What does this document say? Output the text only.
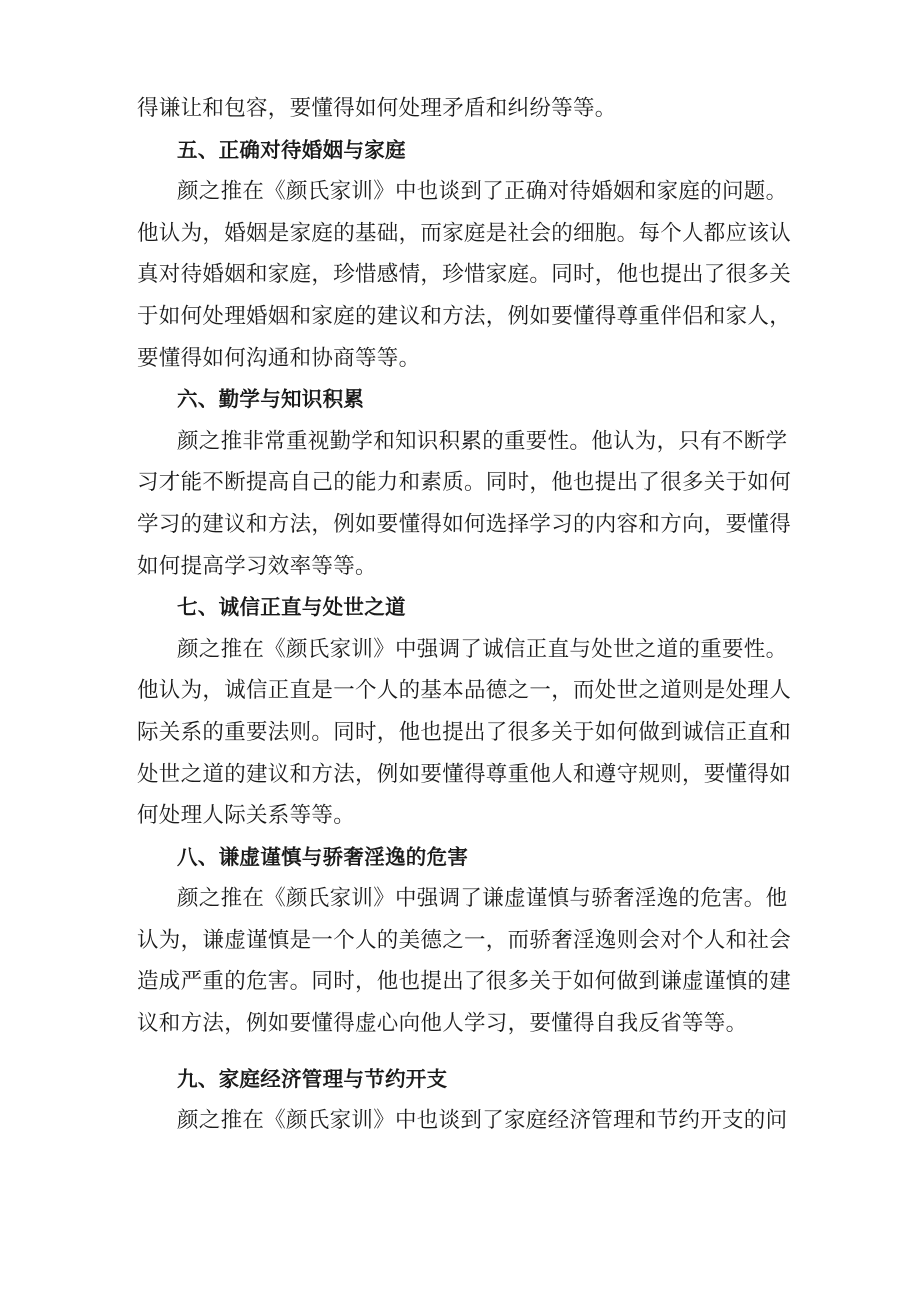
得谦让和包容，要懂得如何处理矛盾和纠纷等等。
五、正确对待婚姻与家庭
颜之推在《颜氏家训》中也谈到了正确对待婚姻和家庭的问题。
他认为，婚姻是家庭的基础，而家庭是社会的细胞。每个人都应该认
真对待婚姻和家庭，珍惜感情，珍惜家庭。同时，他也提出了很多关
于如何处理婚姻和家庭的建议和方法，例如要懂得尊重伴侣和家人，
要懂得如何沟通和协商等等。
六、勤学与知识积累
颜之推非常重视勤学和知识积累的重要性。他认为，只有不断学
习才能不断提高自己的能力和素质。同时，他也提出了很多关于如何
学习的建议和方法，例如要懂得如何选择学习的内容和方向，要懂得
如何提高学习效率等等。
七、诚信正直与处世之道
颜之推在《颜氏家训》中强调了诚信正直与处世之道的重要性。
他认为，诚信正直是一个人的基本品德之一，而处世之道则是处理人
际关系的重要法则。同时，他也提出了很多关于如何做到诚信正直和
处世之道的建议和方法，例如要懂得尊重他人和遵守规则，要懂得如
何处理人际关系等等。
八、谦虚谨慎与骄奢淫逸的危害
颜之推在《颜氏家训》中强调了谦虚谨慎与骄奢淫逸的危害。他
认为，谦虚谨慎是一个人的美德之一，而骄奢淫逸则会对个人和社会
造成严重的危害。同时，他也提出了很多关于如何做到谦虚谨慎的建
议和方法，例如要懂得虚心向他人学习，要懂得自我反省等等。
九、家庭经济管理与节约开支
颜之推在《颜氏家训》中也谈到了家庭经济管理和节约开支的问
